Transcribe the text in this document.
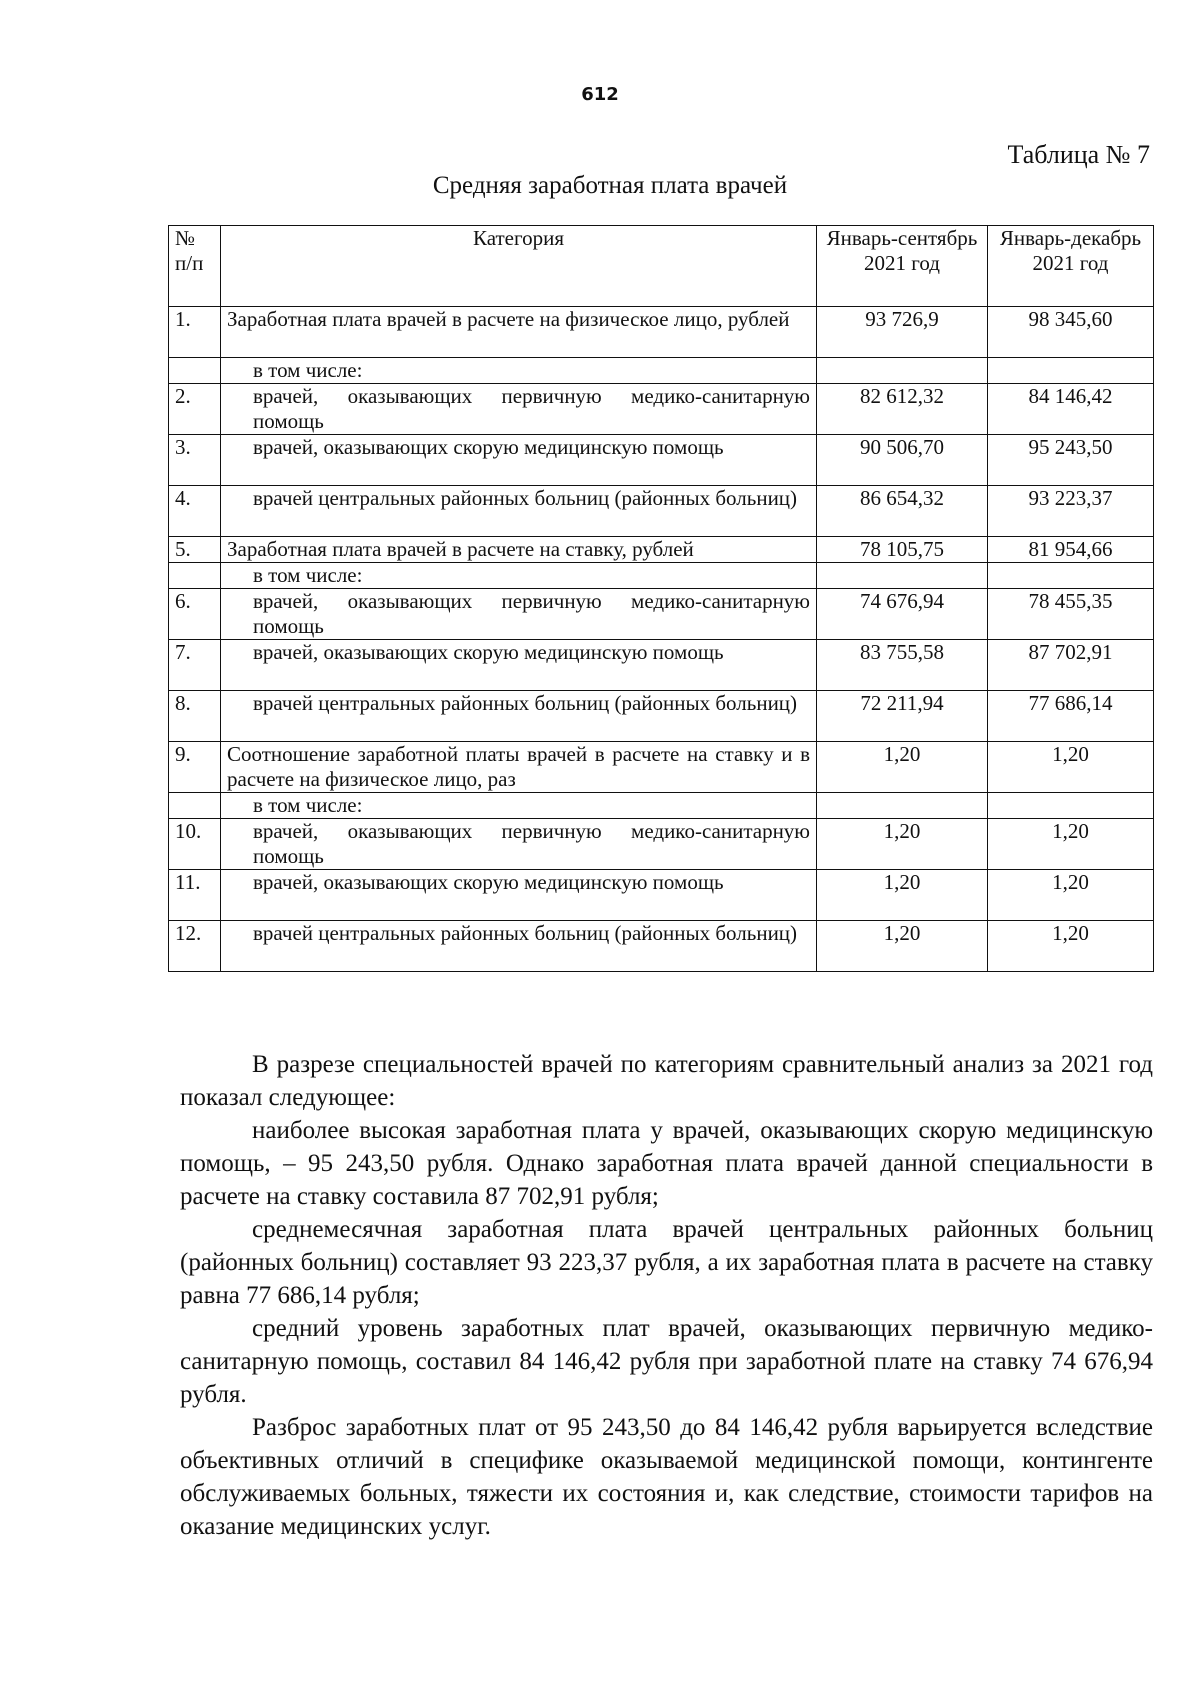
612
Таблица № 7
Средняя заработная плата врачей
№ п/п	Категория	Январь-сентябрь 2021 год	Январь-декабрь 2021 год
1.	Заработная плата врачей в расчете на физическое лицо, рублей	93 726,9	98 345,60
	в том числе:		
2.	врачей, оказывающих первичную медико-санитарную помощь	82 612,32	84 146,42
3.	врачей, оказывающих скорую медицинскую помощь	90 506,70	95 243,50
4.	врачей центральных районных больниц (районных больниц)	86 654,32	93 223,37
5.	Заработная плата врачей в расчете на ставку, рублей	78 105,75	81 954,66
	в том числе:		
6.	врачей, оказывающих первичную медико-санитарную помощь	74 676,94	78 455,35
7.	врачей, оказывающих скорую медицинскую помощь	83 755,58	87 702,91
8.	врачей центральных районных больниц (районных больниц)	72 211,94	77 686,14
9.	Соотношение заработной платы врачей в расчете на ставку и в расчете на физическое лицо, раз	1,20	1,20
	в том числе:		
10.	врачей, оказывающих первичную медико-санитарную помощь	1,20	1,20
11.	врачей, оказывающих скорую медицинскую помощь	1,20	1,20
12.	врачей центральных районных больниц (районных больниц)	1,20	1,20

В разрезе специальностей врачей по категориям сравнительный анализ за 2021 год показал следующее:

наиболее высокая заработная плата у врачей, оказывающих скорую медицинскую помощь, – 95 243,50 рубля. Однако заработная плата врачей данной специальности в расчете на ставку составила 87 702,91 рубля;

среднемесячная заработная плата врачей центральных районных больниц (районных больниц) составляет 93 223,37 рубля, а их заработная плата в расчете на ставку равна 77 686,14 рубля;

средний уровень заработных плат врачей, оказывающих первичную медико-санитарную помощь, составил 84 146,42 рубля при заработной плате на ставку 74 676,94 рубля.

Разброс заработных плат от 95 243,50 до 84 146,42 рубля варьируется вследствие объективных отличий в специфике оказываемой медицинской помощи, контингенте обслуживаемых больных, тяжести их состояния и, как следствие, стоимости тарифов на оказание медицинских услуг.
